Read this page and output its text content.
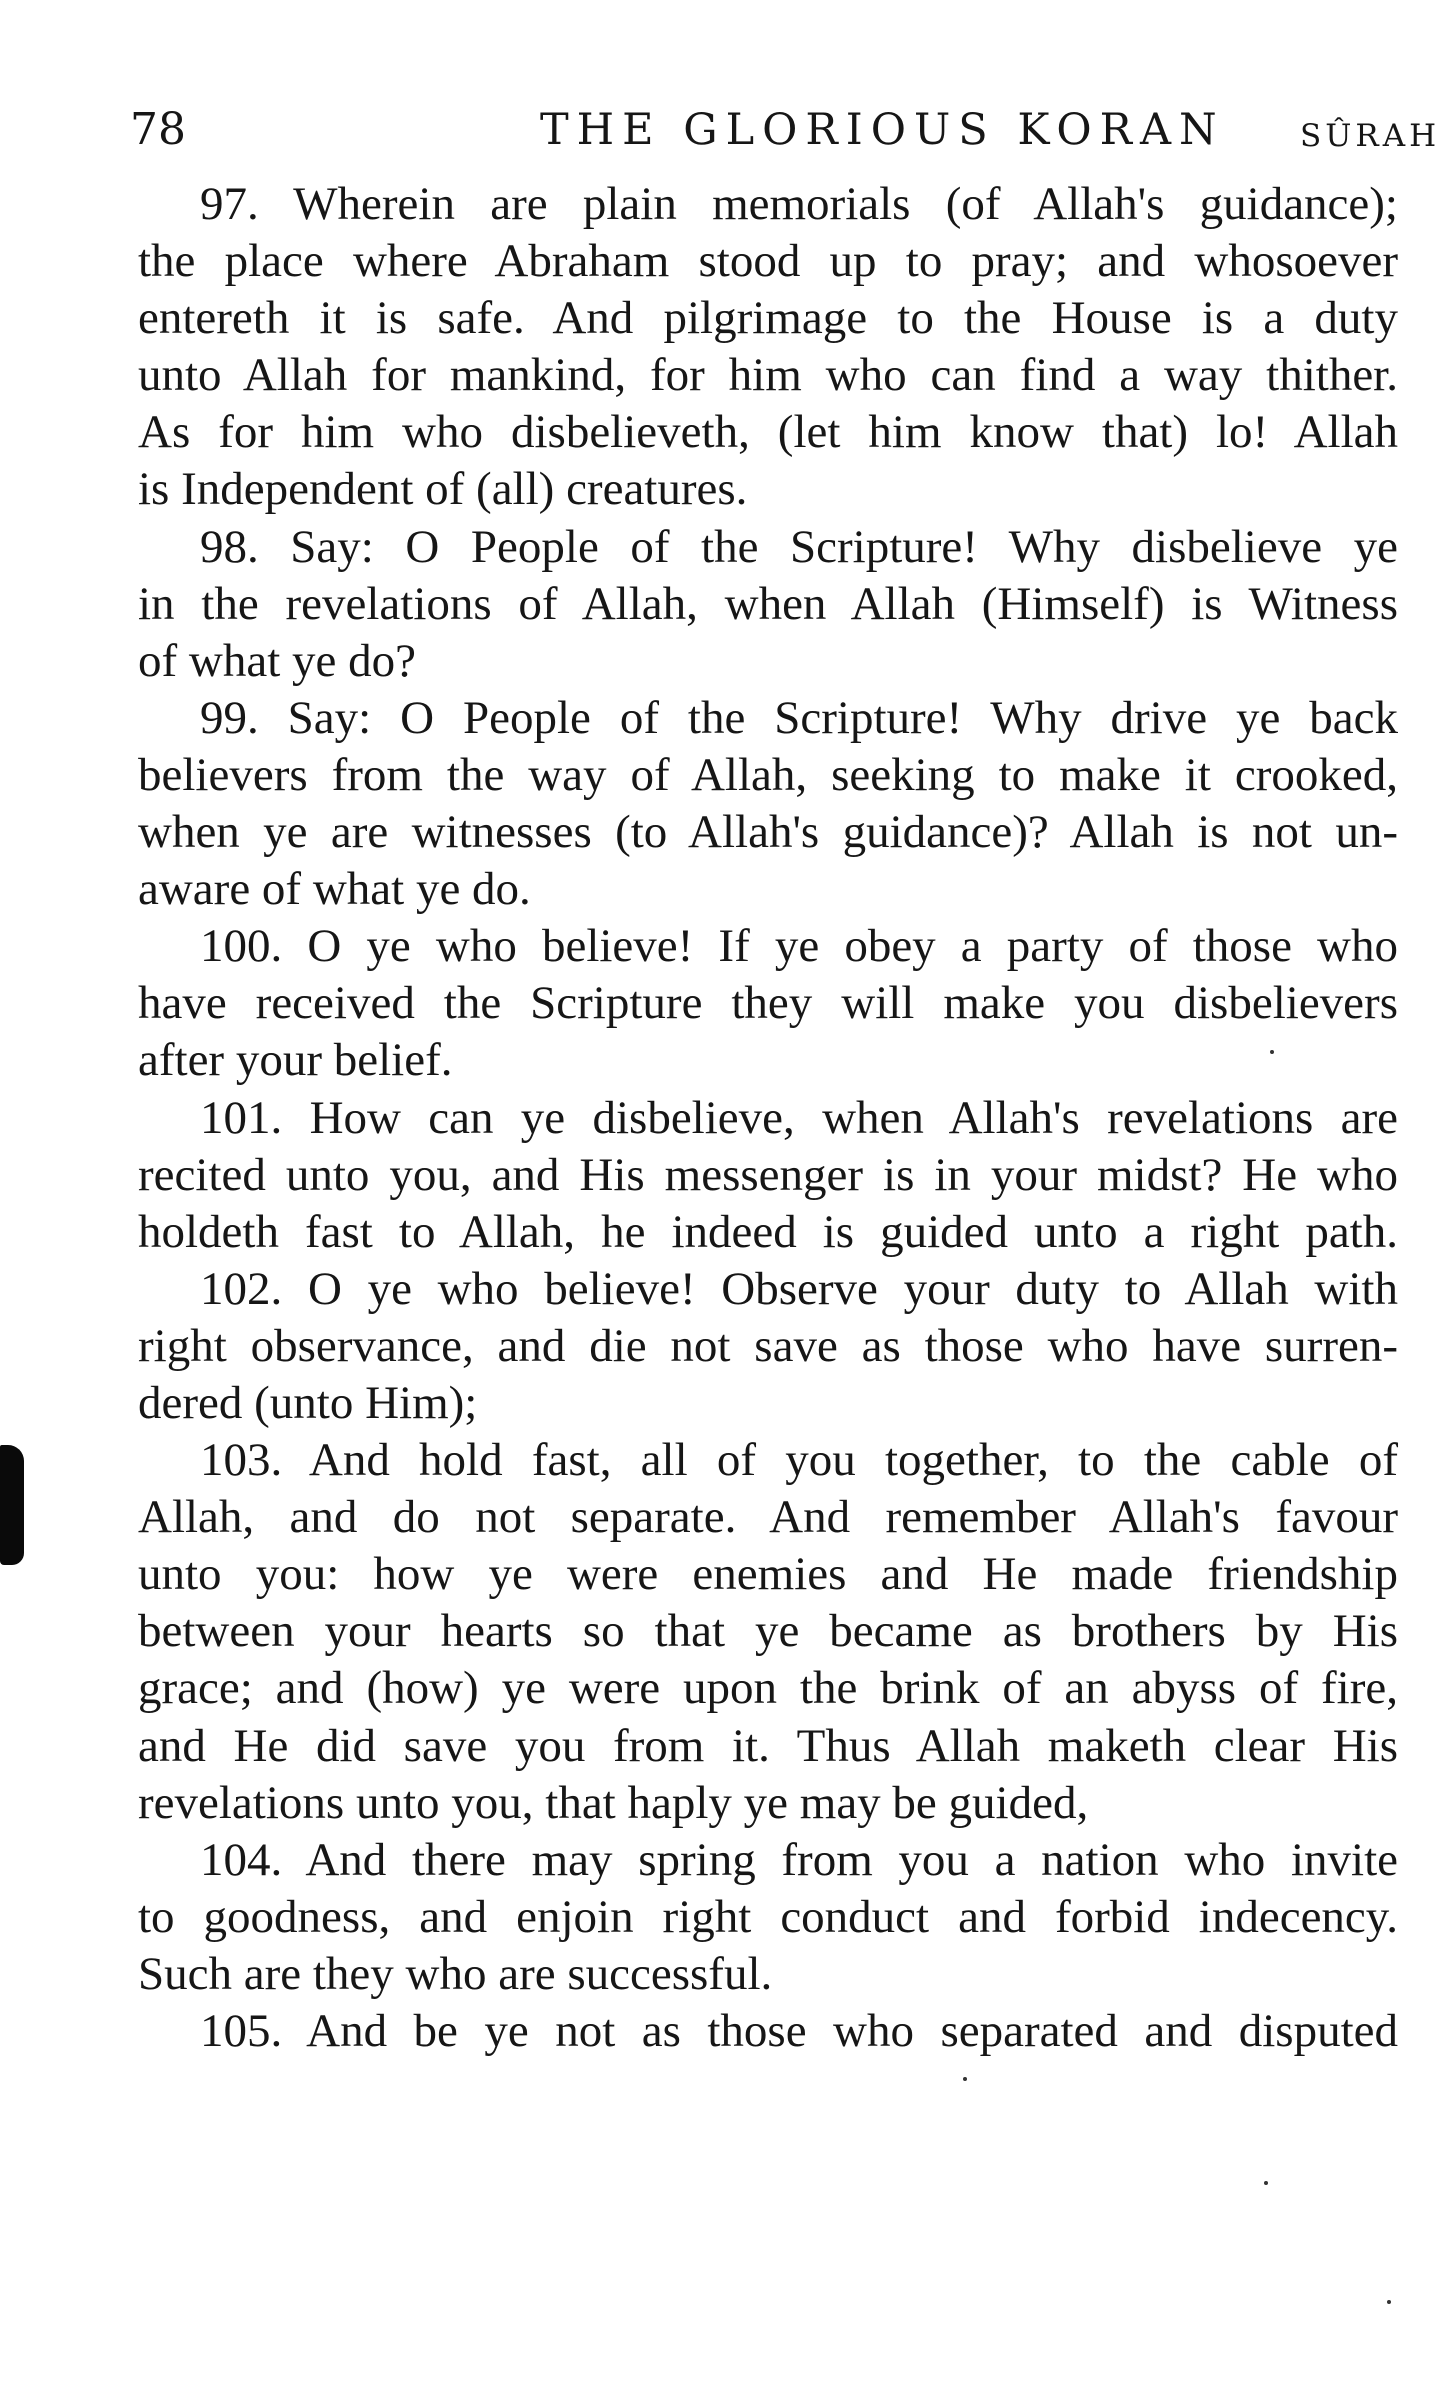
78	THE GLORIOUS KORAN SÛRAH
97. Wherein are plain memorials (of Allah's guidance);
the place where Abraham stood up to pray; and whosoever
entereth it is safe. And pilgrimage to the House is a duty
unto Allah for mankind, for him who can find a way thither.
As for him who disbelieveth, (let him know that) lo! Allah
is Independent of (all) creatures.
98. Say: O People of the Scripture! Why disbelieve ye
in the revelations of Allah, when Allah (Himself) is Witness
of what ye do?
99. Say: O People of the Scripture! Why drive ye back
believers from the way of Allah, seeking to make it crooked,
when ye are witnesses (to Allah's guidance)? Allah is not un-
aware of what ye do.
100. O ye who believe! If ye obey a party of those who
have received the Scripture they will make you disbelievers
after your belief.
101. How can ye disbelieve, when Allah's revelations are
recited unto you, and His messenger is in your midst? He who
holdeth fast to Allah, he indeed is guided unto a right path.
102. O ye who believe! Observe your duty to Allah with
right observance, and die not save as those who have surren-
dered (unto Him);
103. And hold fast, all of you together, to the cable of
Allah, and do not separate. And remember Allah's favour
unto you: how ye were enemies and He made friendship
between your hearts so that ye became as brothers by His
grace; and (how) ye were upon the brink of an abyss of fire,
and He did save you from it. Thus Allah maketh clear His
revelations unto you, that haply ye may be guided,
104. And there may spring from you a nation who invite
to goodness, and enjoin right conduct and forbid indecency.
Such are they who are successful.
105. And be ye not as those who separated and disputed
